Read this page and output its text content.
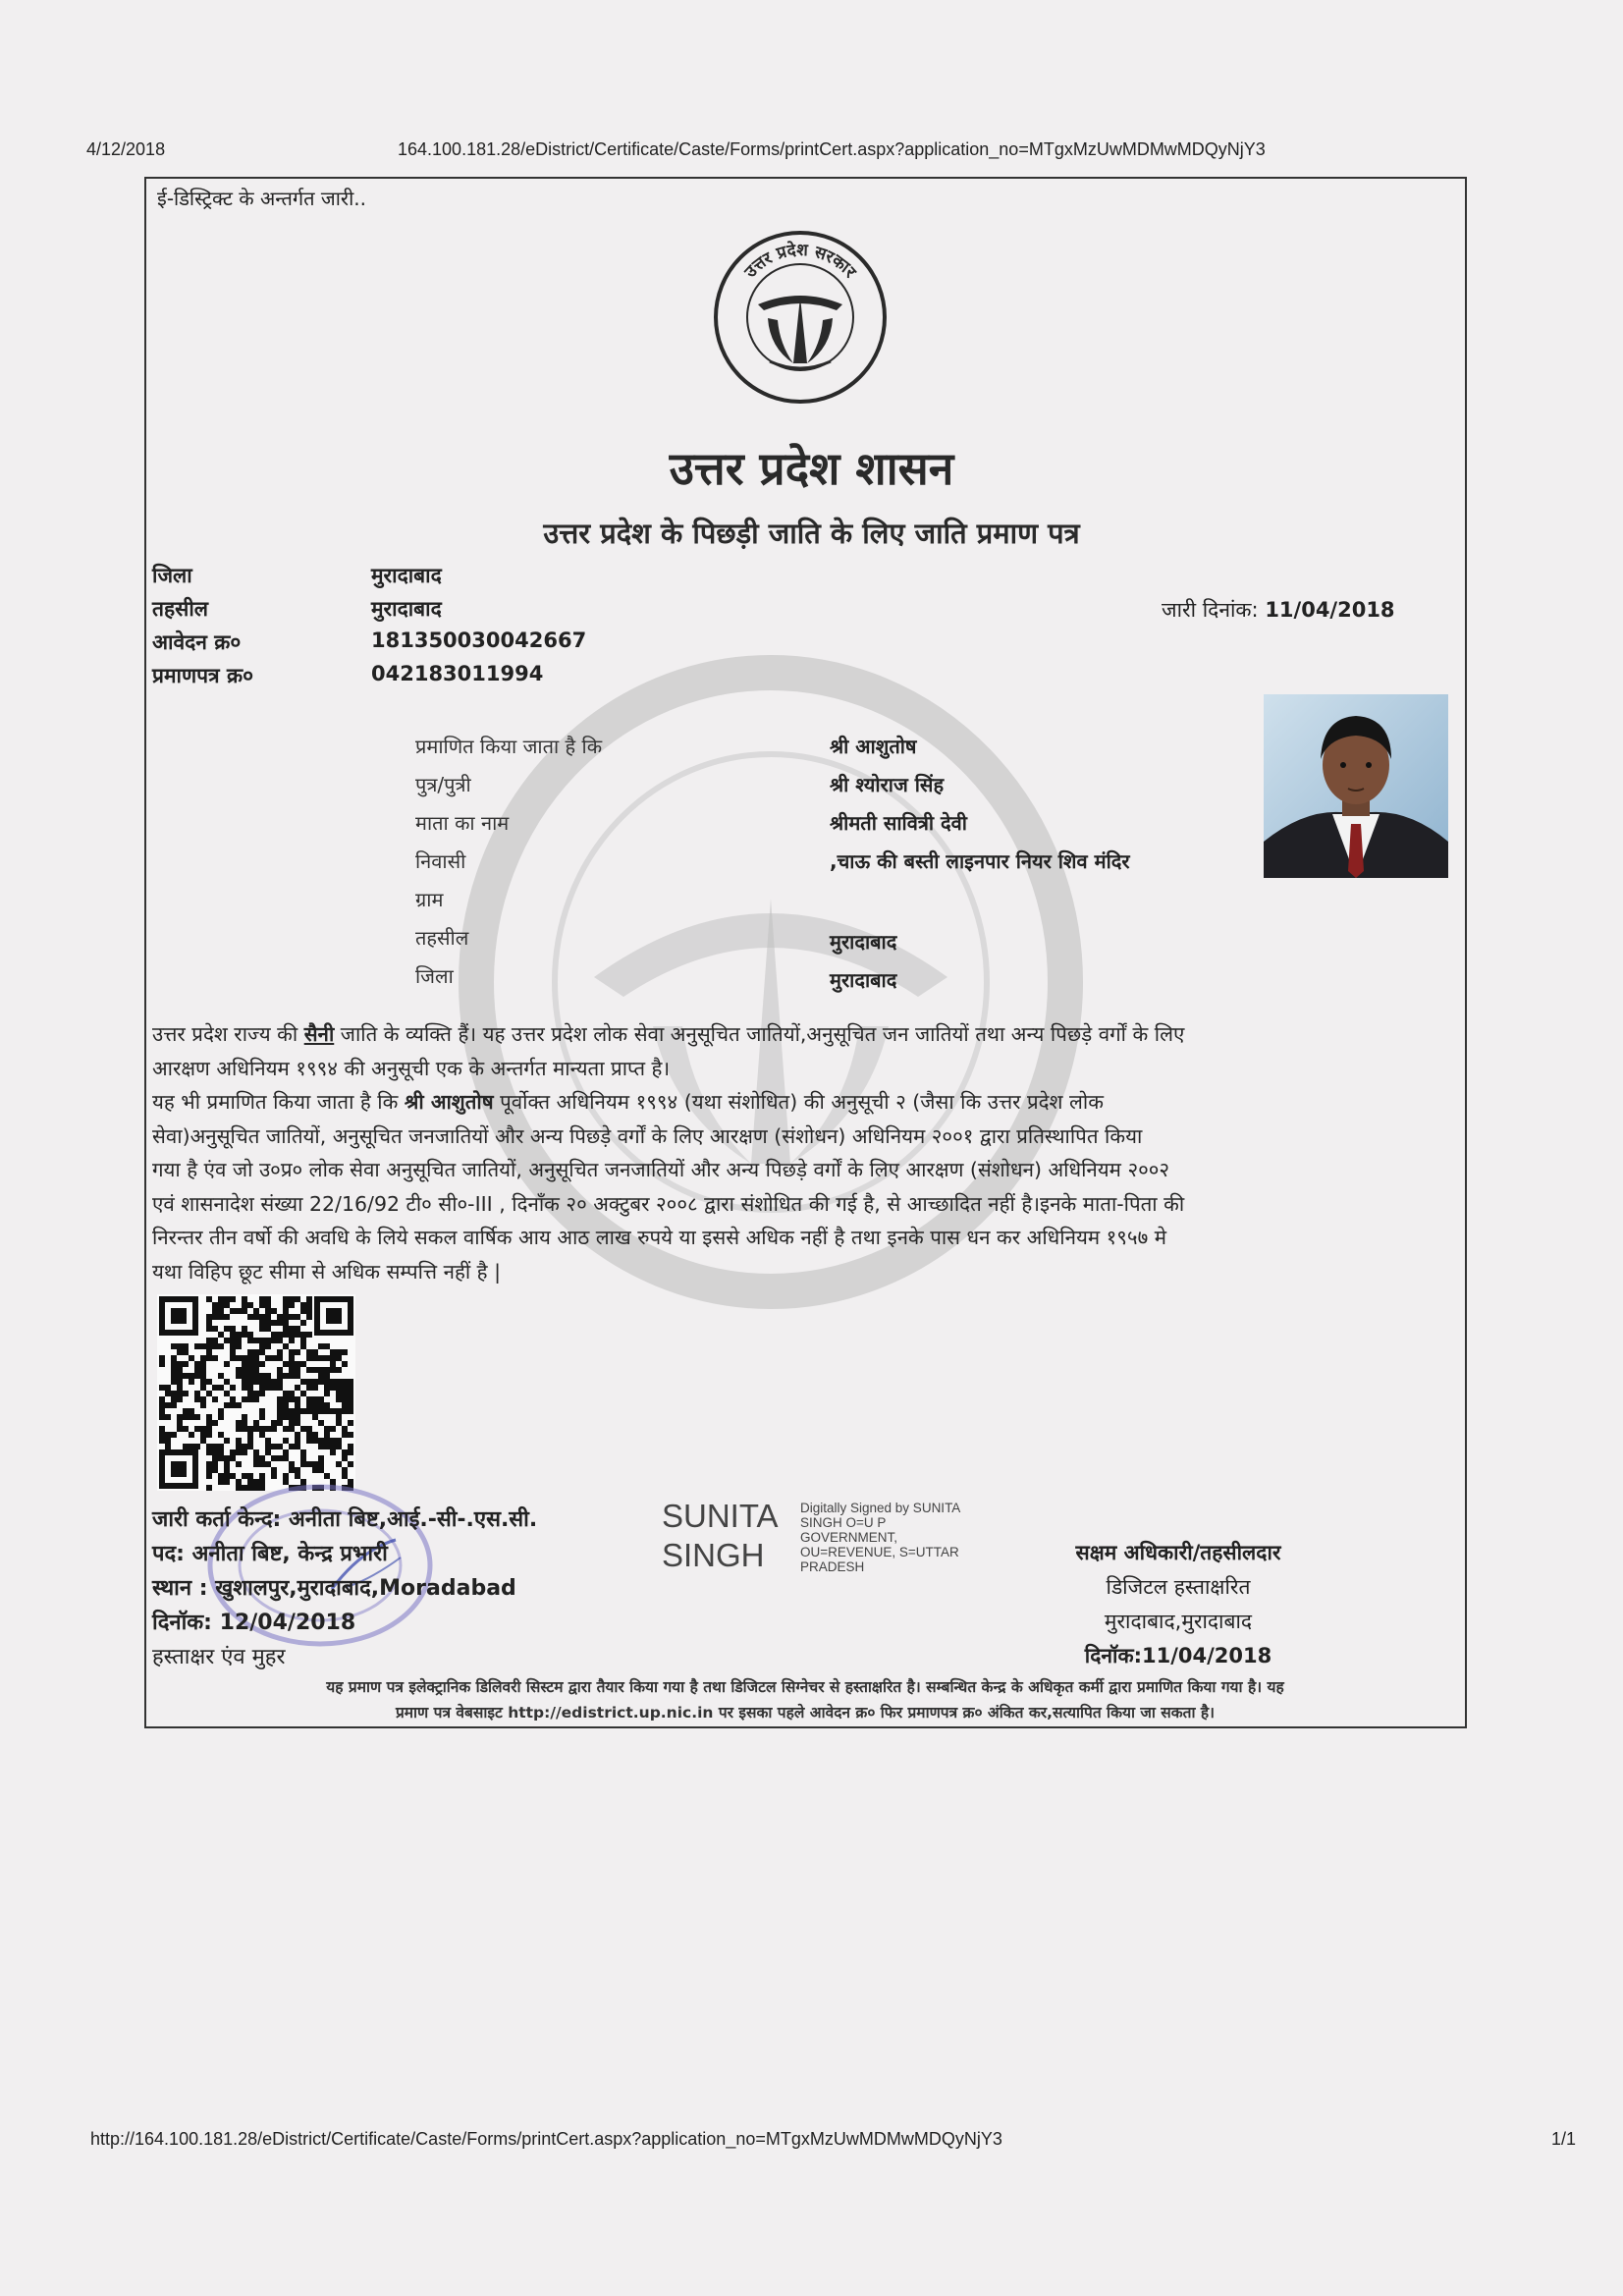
4/12/2018	164.100.181.28/eDistrict/Certificate/Caste/Forms/printCert.aspx?application_no=MTgxMzUwMDMwMDQyNjY3
ई-डिस्ट्रिक्ट के अन्तर्गत जारी..
उत्तर प्रदेश सरकार
उत्तर प्रदेश शासन
उत्तर प्रदेश के पिछड़ी जाति के लिए जाति प्रमाण पत्र
जिला	मुरादाबाद
तहसील	मुरादाबाद
आवेदन क्र०	181350030042667
प्रमाणपत्र क्र०	042183011994
जारी दिनांक: 11/04/2018
प्रमाणित किया जाता है कि	श्री आशुतोष
पुत्र/पुत्री	श्री श्योराज सिंह
माता का नाम	श्रीमती सावित्री देवी
निवासी	,चाऊ की बस्ती लाइनपार नियर शिव मंदिर
ग्राम
तहसील	मुरादाबाद
जिला	मुरादाबाद
उत्तर प्रदेश राज्य की सैनी जाति के व्यक्ति हैं। यह उत्तर प्रदेश लोक सेवा अनुसूचित जातियों,अनुसूचित जन जातियों तथा अन्य पिछड़े वर्गों के लिए
आरक्षण अधिनियम १९९४ की अनुसूची एक के अन्तर्गत मान्यता प्राप्त है।
यह भी प्रमाणित किया जाता है कि श्री आशुतोष पूर्वोक्त अधिनियम १९९४ (यथा संशोधित) की अनुसूची २ (जैसा कि उत्तर प्रदेश लोक
सेवा)अनुसूचित जातियों, अनुसूचित जनजातियों और अन्य पिछड़े वर्गों के लिए आरक्षण (संशोधन) अधिनियम २००१ द्वारा प्रतिस्थापित किया
गया है एंव जो उ०प्र० लोक सेवा अनुसूचित जातियों, अनुसूचित जनजातियों और अन्य पिछड़े वर्गों के लिए आरक्षण (संशोधन) अधिनियम २००२
एवं शासनादेश संख्या 22/16/92 टी० सी०-III , दिनाँक २० अक्टुबर २००८ द्वारा संशोधित की गई है, से आच्छादित नहीं है।इनके माता-पिता की
निरन्तर तीन वर्षो की अवधि के लिये सकल वार्षिक आय आठ लाख रुपये या इससे अधिक नहीं है तथा इनके पास धन कर अधिनियम १९५७ मे
यथा विहिप छूट सीमा से अधिक सम्पत्ति नहीं है |
जारी कर्ता केन्द: अनीता बिष्ट,आई.-सी-.एस.सी.
पद: अनीता बिष्ट, केन्द्र प्रभारी
स्थान : खुशालपुर,मुरादाबाद,Moradabad
दिनॉक: 12/04/2018
हस्ताक्षर एंव मुहर
SUNITA
SINGH
Digitally Signed by SUNITA
SINGH O=U P
GOVERNMENT,
OU=REVENUE, S=UTTAR
PRADESH
सक्षम अधिकारी/तहसीलदार
डिजिटल हस्ताक्षरित
मुरादाबाद,मुरादाबाद
दिनॉक:11/04/2018
यह प्रमाण पत्र इलेक्ट्रानिक डिलिवरी सिस्टम द्वारा तैयार किया गया है तथा डिजिटल सिग्नेचर से हस्ताक्षरित है। सम्बन्धित केन्द्र के अधिकृत कर्मी द्वारा प्रमाणित किया गया है। यह
प्रमाण पत्र वेबसाइट http://edistrict.up.nic.in पर इसका पहले आवेदन क्र० फिर प्रमाणपत्र क्र० अंकित कर,सत्यापित किया जा सकता है।
http://164.100.181.28/eDistrict/Certificate/Caste/Forms/printCert.aspx?application_no=MTgxMzUwMDMwMDQyNjY3	1/1
